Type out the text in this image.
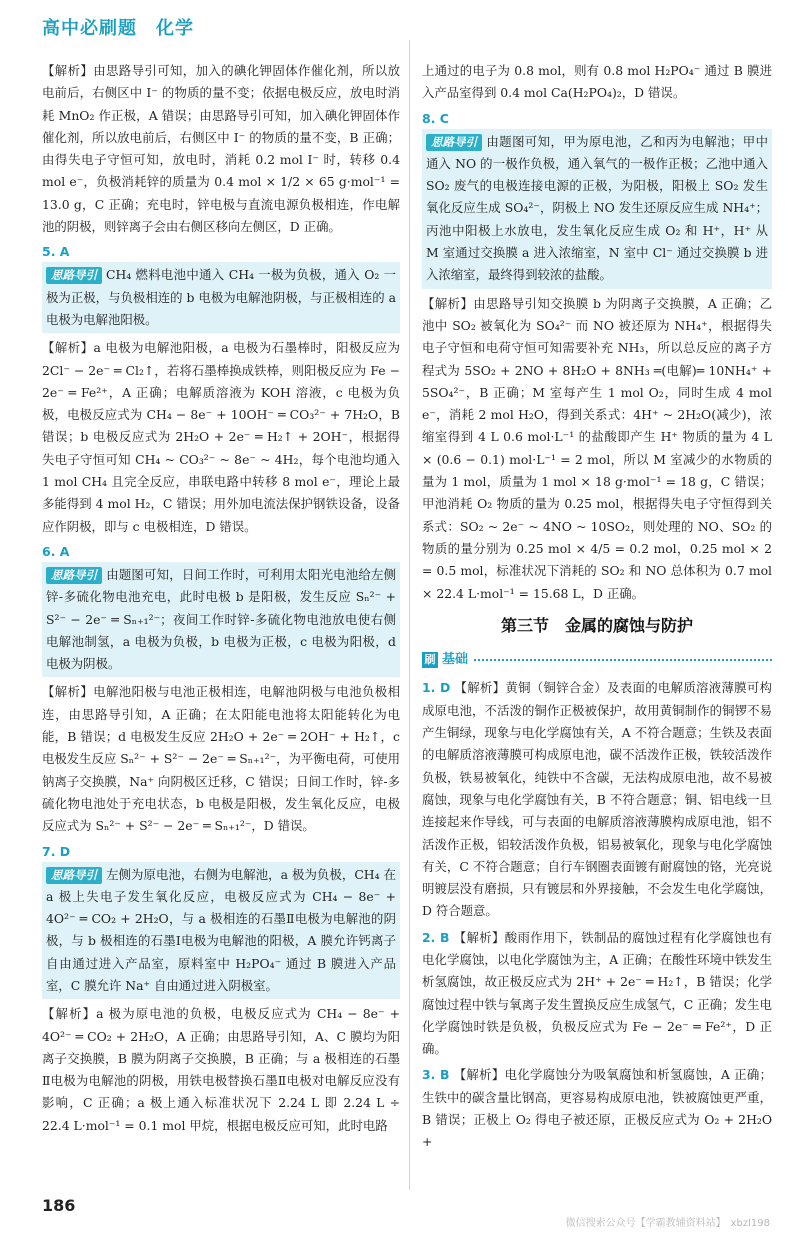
高中必刷题　化学

【解析】由思路导引可知，加入的碘化钾固体作催化剂，所以放电前后，右侧区中 I⁻ 的物质的量不变；依据电极反应，放电时消耗 MnO₂ 作正极，A 错误；由思路导引可知，加入碘化钾固体作催化剂，所以放电前后，右侧区中 I⁻ 的物质的量不变，B 正确；由得失电子守恒可知，放电时，消耗 0.2 mol I⁻ 时，转移 0.4 mol e⁻，负极消耗锌的质量为 0.4 mol × 1/2 × 65 g·mol⁻¹ = 13.0 g，C 正确；充电时，锌电极与直流电源负极相连，作电解池的阴极，则锌离子会由右侧区移向左侧区，D 正确。

5. A

思路导引 CH₄ 燃料电池中通入 CH₄ 一极为负极，通入 O₂ 一极为正极，与负极相连的 b 电极为电解池阴极，与正极相连的 a 电极为电解池阳极。

【解析】a 电极为电解池阳极，a 电极为石墨棒时，阳极反应为 2Cl⁻ − 2e⁻ ═ Cl₂↑，若将石墨棒换成铁棒，则阳极反应为 Fe − 2e⁻ ═ Fe²⁺，A 正确；电解质溶液为 KOH 溶液，c 电极为负极，电极反应式为 CH₄ − 8e⁻ + 10OH⁻ ═ CO₃²⁻ + 7H₂O，B 错误；b 电极反应式为 2H₂O + 2e⁻ ═ H₂↑ + 2OH⁻，根据得失电子守恒可知 CH₄ ~ CO₃²⁻ ~ 8e⁻ ~ 4H₂，每个电池均通入 1 mol CH₄ 且完全反应，串联电路中转移 8 mol e⁻，理论上最多能得到 4 mol H₂，C 错误；用外加电流法保护钢铁设备，设备应作阴极，即与 c 电极相连，D 错误。

6. A

思路导引 由题图可知，日间工作时，可利用太阳光电池给左侧锌-多硫化物电池充电，此时电极 b 是阳极，发生反应 Sₙ²⁻ + S²⁻ − 2e⁻ ═ Sₙ₊₁²⁻；夜间工作时锌-多硫化物电池放电使右侧电解池制氢，a 电极为负极，b 电极为正极，c 电极为阳极，d 电极为阴极。

【解析】电解池阳极与电池正极相连，电解池阴极与电池负极相连，由思路导引知，A 正确；在太阳能电池将太阳能转化为电能，B 错误；d 电极发生反应 2H₂O + 2e⁻ ═ 2OH⁻ + H₂↑，c 电极发生反应 Sₙ²⁻ + S²⁻ − 2e⁻ ═ Sₙ₊₁²⁻，为平衡电荷，可使用钠离子交换膜，Na⁺ 向阴极区迁移，C 错误；日间工作时，锌-多硫化物电池处于充电状态，b 电极是阳极，发生氧化反应，电极反应式为 Sₙ²⁻ + S²⁻ − 2e⁻ ═ Sₙ₊₁²⁻，D 错误。

7. D

思路导引 左侧为原电池，右侧为电解池，a 极为负极，CH₄ 在 a 极上失电子发生氧化反应，电极反应式为 CH₄ − 8e⁻ + 4O²⁻ ═ CO₂ + 2H₂O，与 a 极相连的石墨Ⅱ电极为电解池的阴极，与 b 极相连的石墨Ⅰ电极为电解池的阳极，A 膜允许钙离子自由通过进入产品室，原料室中 H₂PO₄⁻ 通过 B 膜进入产品室，C 膜允许 Na⁺ 自由通过进入阴极室。

【解析】a 极为原电池的负极，电极反应式为 CH₄ − 8e⁻ + 4O²⁻ ═ CO₂ + 2H₂O，A 正确；由思路导引知，A、C 膜均为阳离子交换膜，B 膜为阴离子交换膜，B 正确；与 a 极相连的石墨Ⅱ电极为电解池的阴极，用铁电极替换石墨Ⅱ电极对电解反应没有影响，C 正确；a 极上通入标准状况下 2.24 L 即 2.24 L ÷ 22.4 L·mol⁻¹ = 0.1 mol 甲烷，根据电极反应可知，此时电路

上通过的电子为 0.8 mol，则有 0.8 mol H₂PO₄⁻ 通过 B 膜进入产品室得到 0.4 mol Ca(H₂PO₄)₂，D 错误。

8. C

思路导引 由题图可知，甲为原电池，乙和丙为电解池；甲中通入 NO 的一极作负极，通入氧气的一极作正极；乙池中通入 SO₂ 废气的电极连接电源的正极，为阳极，阳极上 SO₂ 发生氧化反应生成 SO₄²⁻，阴极上 NO 发生还原反应生成 NH₄⁺；丙池中阳极上水放电，发生氧化反应生成 O₂ 和 H⁺，H⁺ 从 M 室通过交换膜 a 进入浓缩室，N 室中 Cl⁻ 通过交换膜 b 进入浓缩室，最终得到较浓的盐酸。

【解析】由思路导引知交换膜 b 为阴离子交换膜，A 正确；乙池中 SO₂ 被氧化为 SO₄²⁻ 而 NO 被还原为 NH₄⁺，根据得失电子守恒和电荷守恒可知需要补充 NH₃，所以总反应的离子方程式为 5SO₂ + 2NO + 8H₂O + 8NH₃ ═(电解)═ 10NH₄⁺ + 5SO₄²⁻，B 正确；M 室每产生 1 mol O₂，同时生成 4 mol e⁻，消耗 2 mol H₂O，得到关系式：4H⁺ ~ 2H₂O(减少)，浓缩室得到 4 L 0.6 mol·L⁻¹ 的盐酸即产生 H⁺ 物质的量为 4 L × (0.6 − 0.1) mol·L⁻¹ = 2 mol，所以 M 室减少的水物质的量为 1 mol，质量为 1 mol × 18 g·mol⁻¹ = 18 g，C 错误；甲池消耗 O₂ 物质的量为 0.25 mol，根据得失电子守恒得到关系式：SO₂ ~ 2e⁻ ~ 4NO ~ 10SO₂，则处理的 NO、SO₂ 的物质的量分别为 0.25 mol × 4/5 = 0.2 mol，0.25 mol × 2 = 0.5 mol，标准状况下消耗的 SO₂ 和 NO 总体积为 0.7 mol × 22.4 L·mol⁻¹ = 15.68 L，D 正确。

第三节　金属的腐蚀与防护
刷 基础

1. D 【解析】黄铜（铜锌合金）及表面的电解质溶液薄膜可构成原电池，不活泼的铜作正极被保护，故用黄铜制作的铜锣不易产生铜绿，现象与电化学腐蚀有关，A 不符合题意；生铁及表面的电解质溶液薄膜可构成原电池，碳不活泼作正极，铁较活泼作负极，铁易被氧化，纯铁中不含碳，无法构成原电池，故不易被腐蚀，现象与电化学腐蚀有关，B 不符合题意；铜、铝电线一旦连接起来作导线，可与表面的电解质溶液薄膜构成原电池，铝不活泼作正极，铝较活泼作负极，铝易被氧化，现象与电化学腐蚀有关，C 不符合题意；自行车钢圈表面镀有耐腐蚀的铬，光亮说明镀层没有磨损，只有镀层和外界接触，不会发生电化学腐蚀，D 符合题意。

2. B 【解析】酸雨作用下，铁制品的腐蚀过程有化学腐蚀也有电化学腐蚀，以电化学腐蚀为主，A 正确；在酸性环境中铁发生析氢腐蚀，故正极反应式为 2H⁺ + 2e⁻ ═ H₂↑，B 错误；化学腐蚀过程中铁与氧离子发生置换反应生成氢气，C 正确；发生电化学腐蚀时铁是负极，负极反应式为 Fe − 2e⁻ ═ Fe²⁺，D 正确。

3. B 【解析】电化学腐蚀分为吸氧腐蚀和析氢腐蚀，A 正确；生铁中的碳含量比钢高，更容易构成原电池，铁被腐蚀更严重，B 错误；正极上 O₂ 得电子被还原，正极反应式为 O₂ + 2H₂O +

186
微信搜索公众号【学霸教辅资料站】　xbzl198
